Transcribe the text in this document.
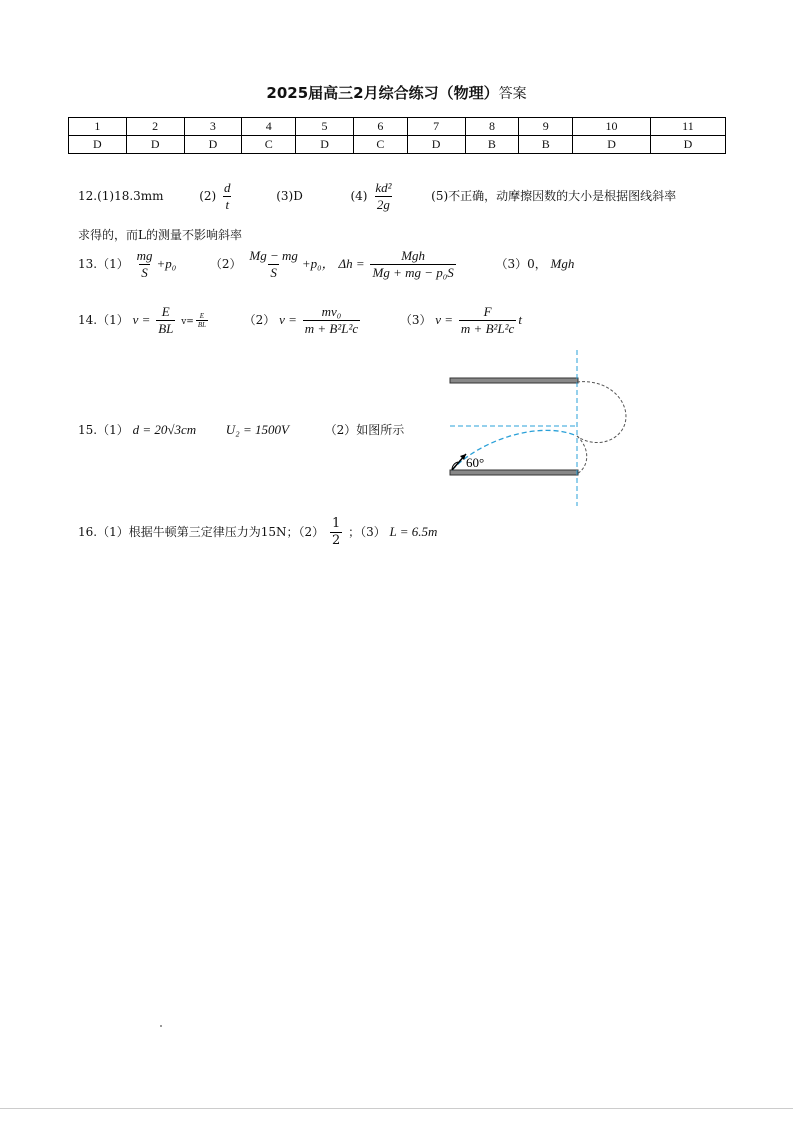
2025届高三2月综合练习（物理）答案
1	2	3	4	5	6	7	8	9	10	11
D	D	D	C	D	C	D	B	B	D	D
12.(1)18.3mm	$(2) \frac{d}{t}$	(3)D	$(4) \frac{\text{kd²}}{2g}$	(5)不正确，动摩擦因数的大小是根据图线斜率
求得的，而L的测量不影响斜率
$13.(1) \frac{mg}{S} +p_0$	$(2) \frac{Mg - mg}{S} +p_0$， $\Delta h = \frac{\text{Mgh}}{\text{Mg + mg − p₀S}}$	（3）0， Mgh
14.（1） $v = \frac{E}{BL} v= \frac{E}{BL}$	（2） $v = \frac{\text{mv₀}}{\text{m + B²L²c}}$	（3） $v = \frac{F}{\text{m + B²L²c}}$ t
15.（1） d = 20√3cm U₂ = 1500V	（2）如图所示
60°
16.（1）根据牛顿第三定律压力为15N；$(2) \frac{1}{2}$ ；（3） L = 6.5m
